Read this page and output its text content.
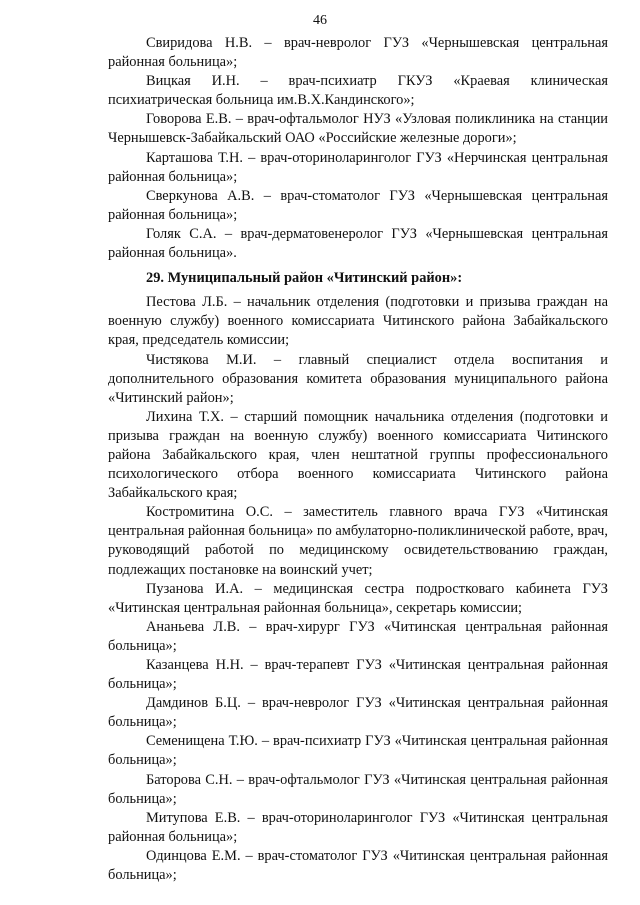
46

Свиридова Н.В. – врач-невролог ГУЗ «Чернышевская центральная районная больница»;

Вицкая И.Н. – врач-психиатр ГКУЗ «Краевая клиническая психиатрическая больница им.В.Х.Кандинского»;

Говорова Е.В. – врач-офтальмолог НУЗ «Узловая поликлиника на станции Чернышевск-Забайкальский ОАО «Российские железные дороги»;

Карташова Т.Н. – врач-оториноларинголог ГУЗ «Нерчинская центральная районная больница»;

Сверкунова А.В. – врач-стоматолог ГУЗ «Чернышевская центральная районная больница»;

Голяк С.А. – врач-дерматовенеролог ГУЗ «Чернышевская центральная районная больница».

29. Муниципальный район «Читинский район»:

Пестова Л.Б. – начальник отделения (подготовки и призыва граждан на военную службу) военного комиссариата Читинского района Забайкальского края, председатель комиссии;

Чистякова М.И. – главный специалист отдела воспитания и дополнительного образования комитета образования муниципального района «Читинский район»;

Лихина Т.Х. – старший помощник начальника отделения (подготовки и призыва граждан на военную службу) военного комиссариата Читинского района Забайкальского края, член нештатной группы профессионального психологического отбора военного комиссариата Читинского района Забайкальского края;

Костромитина О.С. – заместитель главного врача ГУЗ «Читинская центральная районная больница» по амбулаторно-поликлинической работе, врач, руководящий работой по медицинскому освидетельствованию граждан, подлежащих постановке на воинский учет;

Пузанова И.А. – медицинская сестра подростковаго кабинета ГУЗ «Читинская центральная районная больница», секретарь комиссии;

Ананьева Л.В. – врач-хирург ГУЗ «Читинская центральная районная больница»;

Казанцева Н.Н. – врач-терапевт ГУЗ «Читинская центральная районная больница»;

Дамдинов Б.Ц. – врач-невролог ГУЗ «Читинская центральная районная больница»;

Семенищена Т.Ю. – врач-психиатр ГУЗ «Читинская центральная районная больница»;

Баторова С.Н. – врач-офтальмолог ГУЗ «Читинская центральная районная больница»;

Митупова Е.В. – врач-оториноларинголог ГУЗ «Читинская центральная районная больница»;

Одинцова Е.М. – врач-стоматолог ГУЗ «Читинская центральная районная больница»;
